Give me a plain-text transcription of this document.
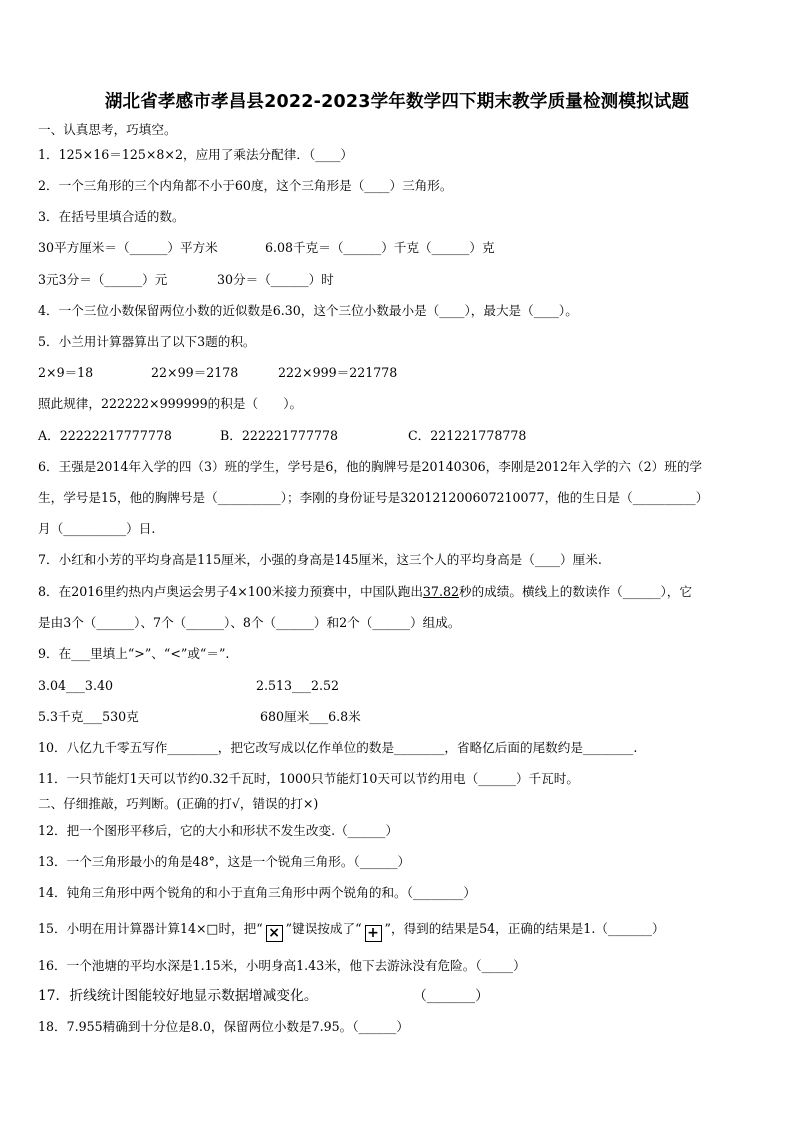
湖北省孝感市孝昌县2022-2023学年数学四下期末教学质量检测模拟试题
一、认真思考，巧填空。
1．125×16＝125×8×2，应用了乘法分配律．（____）
2．一个三角形的三个内角都不小于60度，这个三角形是（____）三角形。
3．在括号里填合适的数。
30平方厘米＝（______）平方米	6.08千克＝（______）千克（______）克
3元3分＝（______）元	30分＝（______）时
4．一个三位小数保留两位小数的近似数是6.30，这个三位小数最小是（____），最大是（____）。
5．小兰用计算器算出了以下3题的积。
2×9＝18	22×99＝2178	222×999＝221778
照此规律，222222×999999的积是（　　）。
A．22222217777778	B．222221777778	C．221221778778
6．王强是2014年入学的四（3）班的学生，学号是6，他的胸牌号是20140306，李刚是2012年入学的六（2）班的学
生，学号是15，他的胸牌号是（__________）；李刚的身份证号是320121200607210077，他的生日是（__________）
月（__________）日.
7．小红和小芳的平均身高是115厘米，小强的身高是145厘米，这三个人的平均身高是（____）厘米.
8．在2016里约热内卢奥运会男子4×100米接力预赛中，中国队跑出37.82秒的成绩。横线上的数读作（______），它
是由3个（______）、7个（______）、8个（______）和2个（______）组成。
9．在___里填上“>”、“<”或“＝”.
3.04___3.40	2.513___2.52
5.3千克___530克	680厘米___6.8米
10．八亿九千零五写作________，把它改写成以亿作单位的数是________，省略亿后面的尾数约是________.
11．一只节能灯1天可以节约0.32千瓦时，1000只节能灯10天可以节约用电（______）千瓦时。
二、仔细推敲，巧判断。(正确的打√，错误的打×)
12．把一个图形平移后，它的大小和形状不发生改变.（______）
13．一个三角形最小的角是48°，这是一个锐角三角形。（______）
14．钝角三角形中两个锐角的和小于直角三角形中两个锐角的和。（________）
15．小明在用计算器计算14×□时，把“ × ”键误按成了“ + ”，得到的结果是54，正确的结果是1.（_______）
16．一个池塘的平均水深是1.15米，小明身高1.43米，他下去游泳没有危险。（_____）
17．折线统计图能较好地显示数据增减变化。	（_______）
18．7.955精确到十分位是8.0，保留两位小数是7.95。（______）
